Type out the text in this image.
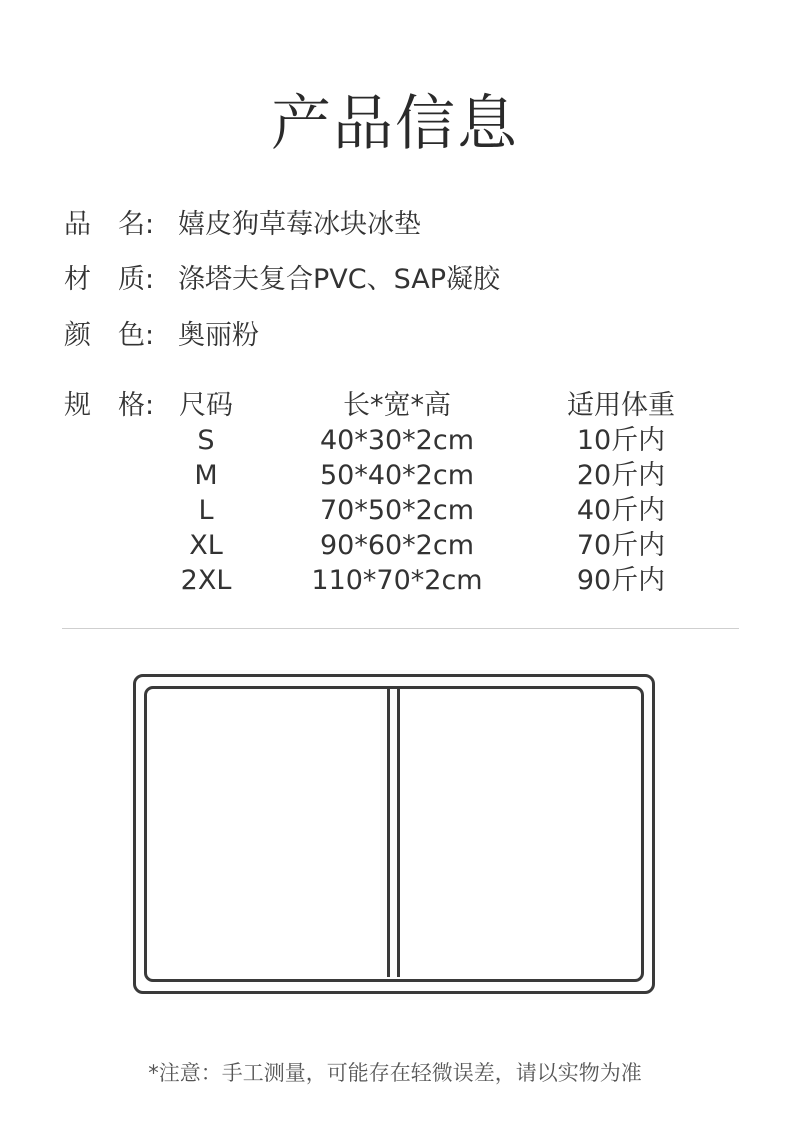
产品信息
品　名: 嬉皮狗草莓冰块冰垫
材　质: 涤塔夫复合PVC、SAP凝胶
颜　色: 奥丽粉
规　格: 尺码	长*宽*高	适用体重
S	40*30*2cm	10斤内
M	50*40*2cm	20斤内
L	70*50*2cm	40斤内
XL	90*60*2cm	70斤内
2XL	110*70*2cm	90斤内
*注意：手工测量，可能存在轻微误差，请以实物为准
